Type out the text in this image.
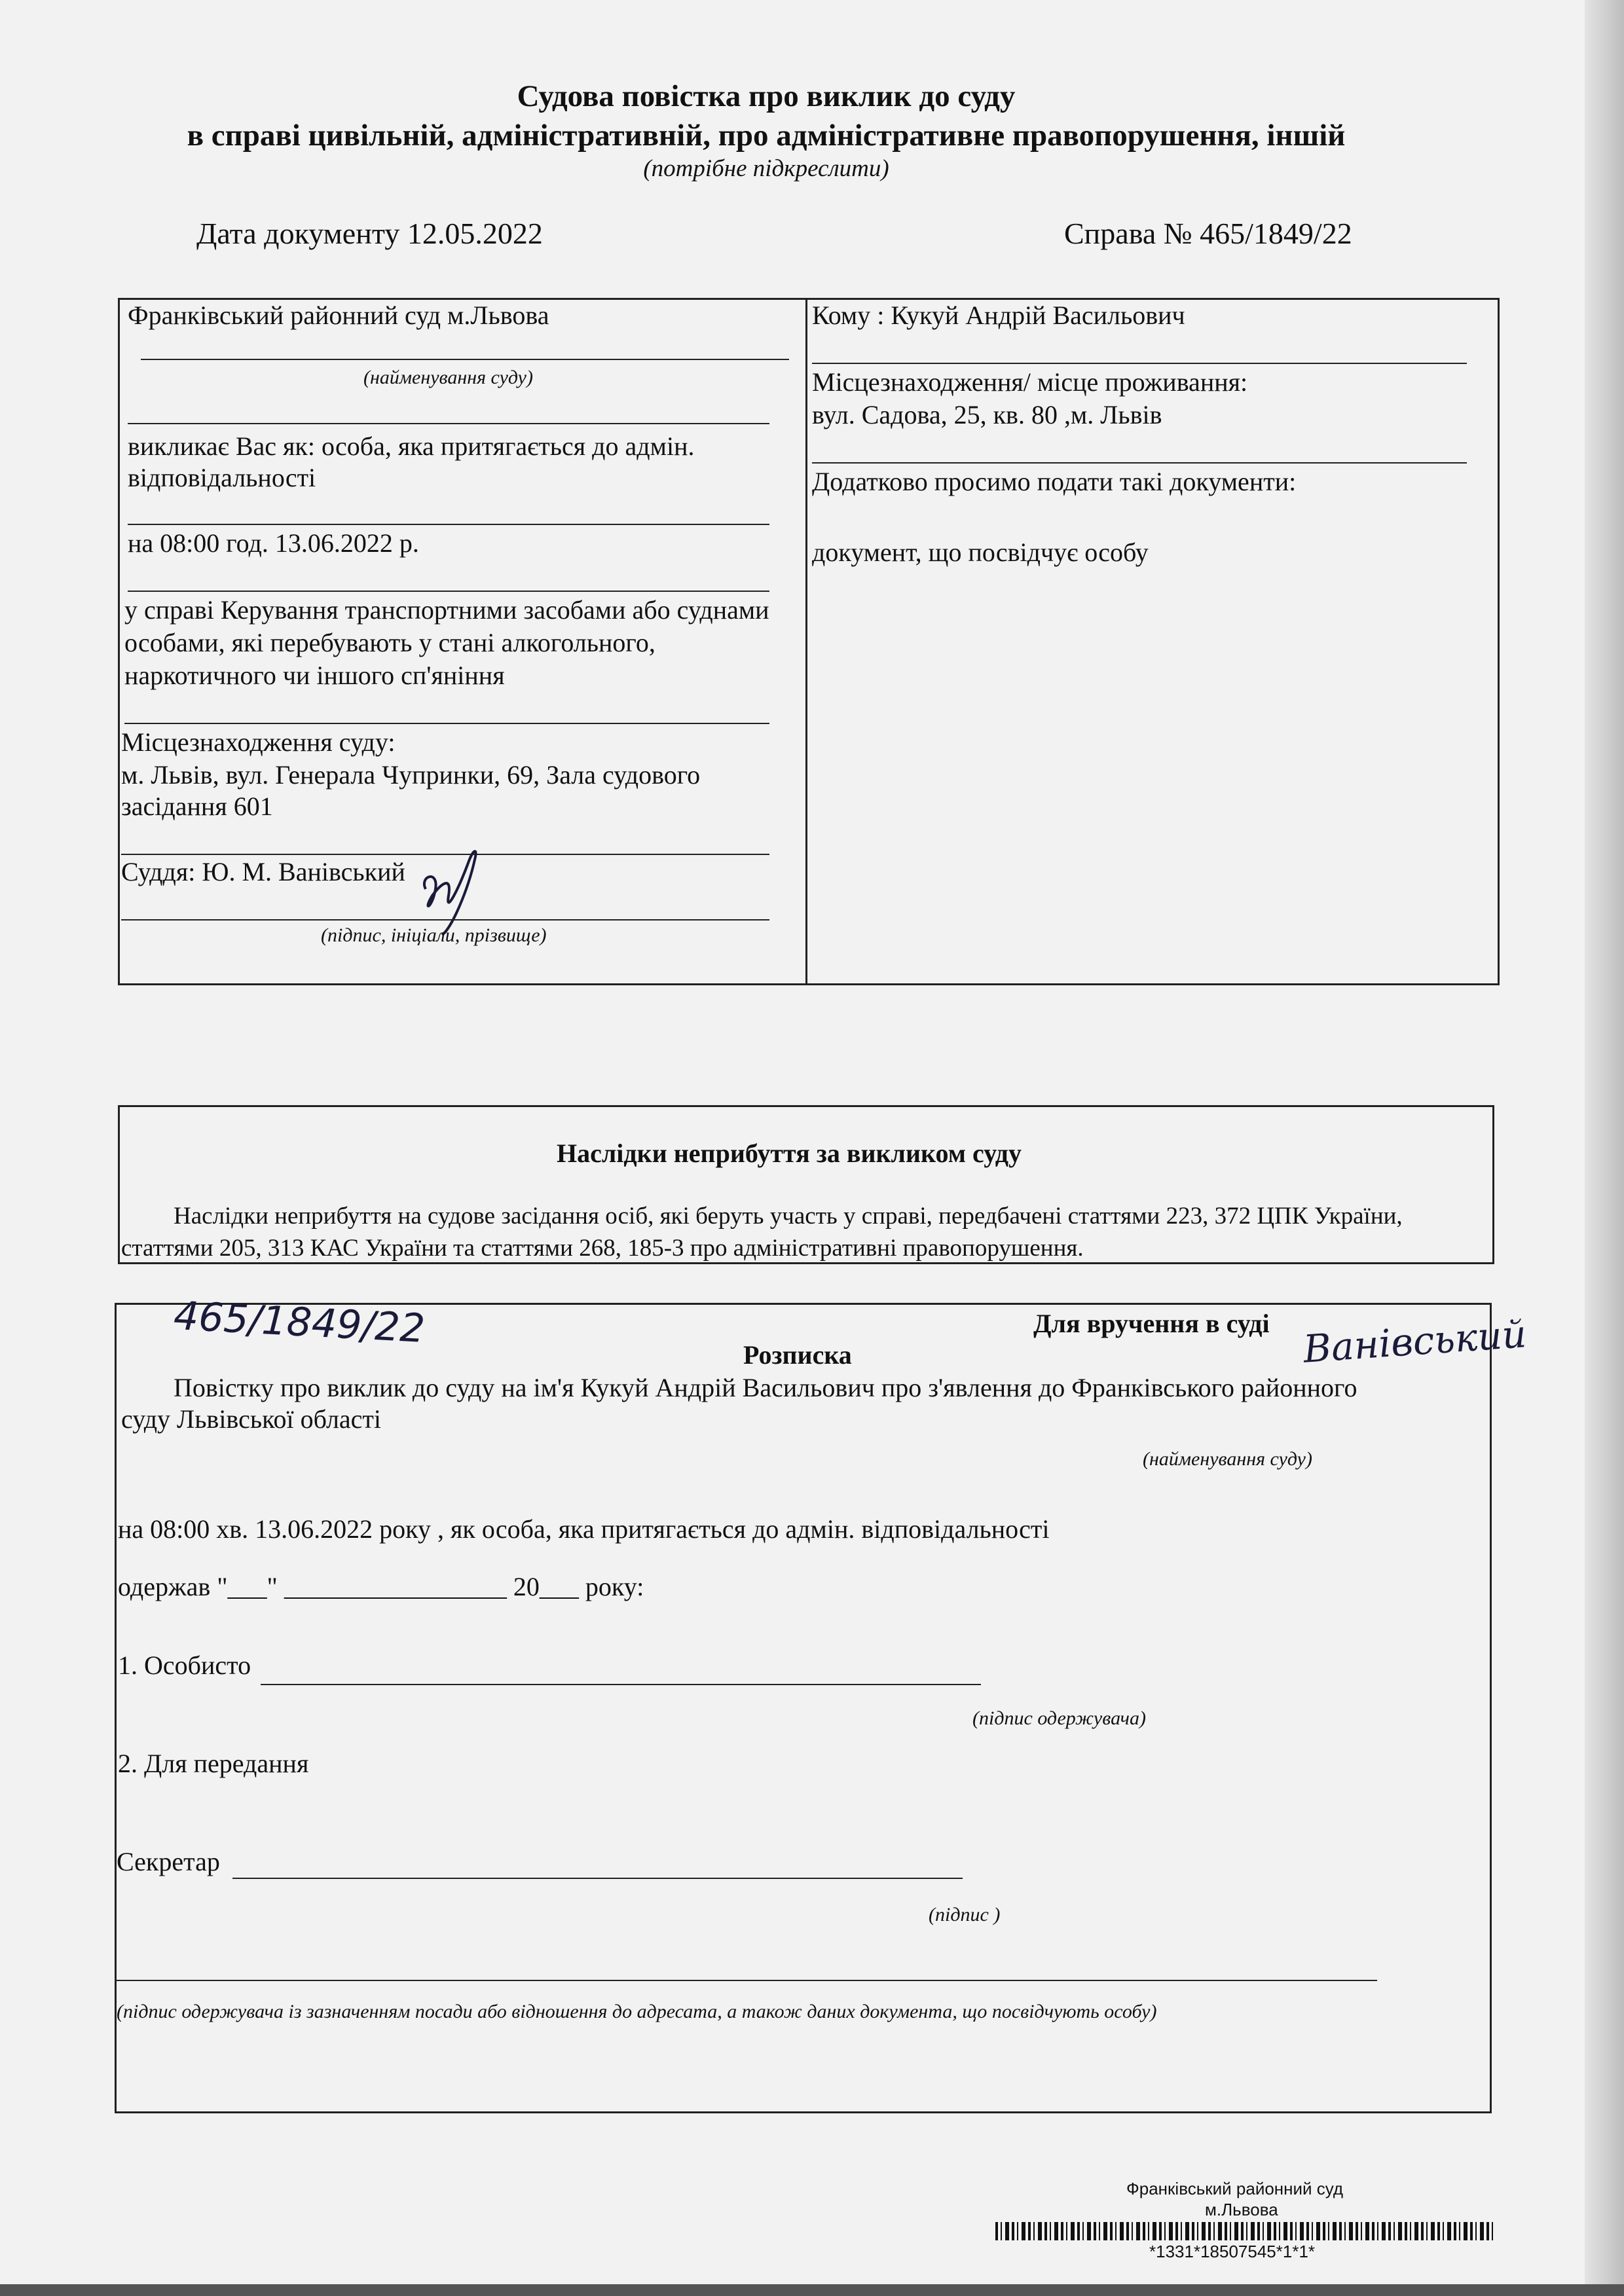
Судова повістка про виклик до суду
в справі цивільній, адміністративній, про адміністративне правопорушення, іншій
(потрібне підкреслити)
Дата документу 12.05.2022	Справа № 465/1849/22
Франківський районний суд м.Львова
(найменування суду)
викликає Вас як: особа, яка притягається до адмін.
відповідальності
на 08:00 год. 13.06.2022 р.
у справі Керування транспортними засобами або суднами
особами, які перебувають у стані алкогольного,
наркотичного чи іншого сп'яніння
Місцезнаходження суду:
м. Львів, вул. Генерала Чупринки, 69, Зала судового
засідання 601
Суддя: Ю. М. Ванівський
(підпис, ініціали, прізвище)
Кому : Кукуй Андрій Васильович
Місцезнаходження/ місце проживання:
вул. Садова, 25, кв. 80 ,м. Львів
Додатково просимо подати такі документи:
документ, що посвідчує особу
Наслідки неприбуття за викликом суду
Наслідки неприбуття на судове засідання осіб, які беруть участь у справі, передбачені статтями 223, 372 ЦПК України,
статтями 205, 313 КАС України та статтями 268, 185-3 про адміністративні правопорушення.
465/1849/22	Для вручення в суді Ванівський
Розписка
Повістку про виклик до суду на ім'я Кукуй Андрій Васильович про з'явлення до Франківського районного
суду Львівської області
(найменування суду)
на 08:00 хв. 13.06.2022 року , як особа, яка притягається до адмін. відповідальності
одержав "___" _________________ 20___ року:
1. Особисто
(підпис одержувача)
2. Для передання
Секретар
(підпис )
(підпис одержувача із зазначенням посади або відношення до адресата, а також даних документа, що посвідчують особу)
Франківський районний суд
м.Львова
*1331*18507545*1*1*
